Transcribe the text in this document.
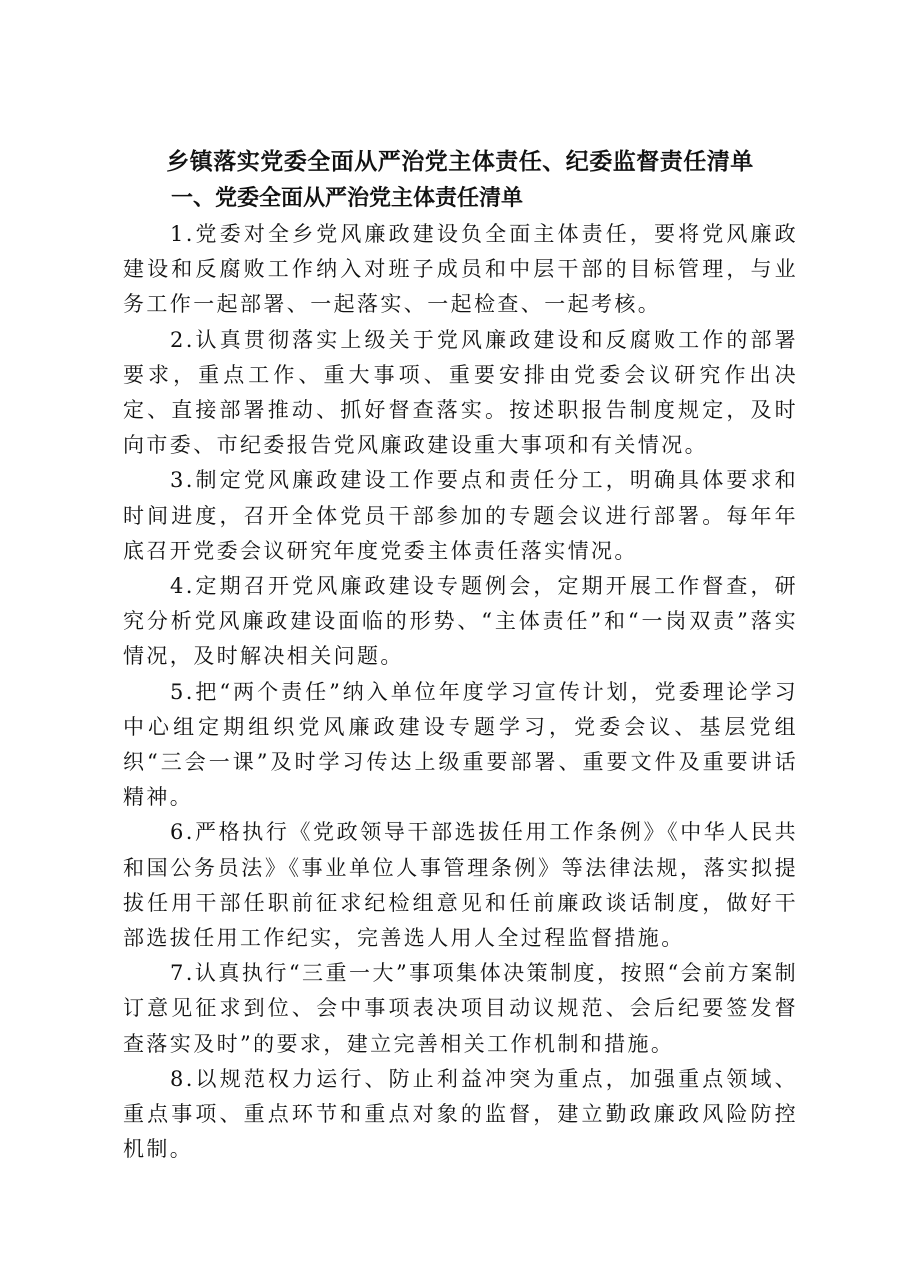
乡镇落实党委全面从严治党主体责任、纪委监督责任清单
一、党委全面从严治党主体责任清单

1.党委对全乡党风廉政建设负全面主体责任，要将党风廉政建设和反腐败工作纳入对班子成员和中层干部的目标管理，与业务工作一起部署、一起落实、一起检查、一起考核。

2.认真贯彻落实上级关于党风廉政建设和反腐败工作的部署要求，重点工作、重大事项、重要安排由党委会议研究作出决定、直接部署推动、抓好督查落实。按述职报告制度规定，及时向市委、市纪委报告党风廉政建设重大事项和有关情况。

3.制定党风廉政建设工作要点和责任分工，明确具体要求和时间进度，召开全体党员干部参加的专题会议进行部署。每年年底召开党委会议研究年度党委主体责任落实情况。

4.定期召开党风廉政建设专题例会，定期开展工作督查，研究分析党风廉政建设面临的形势、“主体责任”和“一岗双责”落实情况，及时解决相关问题。

5.把“两个责任”纳入单位年度学习宣传计划，党委理论学习中心组定期组织党风廉政建设专题学习，党委会议、基层党组织“三会一课”及时学习传达上级重要部署、重要文件及重要讲话精神。

6.严格执行《党政领导干部选拔任用工作条例》《中华人民共和国公务员法》《事业单位人事管理条例》等法律法规，落实拟提拔任用干部任职前征求纪检组意见和任前廉政谈话制度，做好干部选拔任用工作纪实，完善选人用人全过程监督措施。

7.认真执行“三重一大”事项集体决策制度，按照“会前方案制订意见征求到位、会中事项表决项目动议规范、会后纪要签发督查落实及时”的要求，建立完善相关工作机制和措施。

8.以规范权力运行、防止利益冲突为重点，加强重点领域、重点事项、重点环节和重点对象的监督，建立勤政廉政风险防控机制。
